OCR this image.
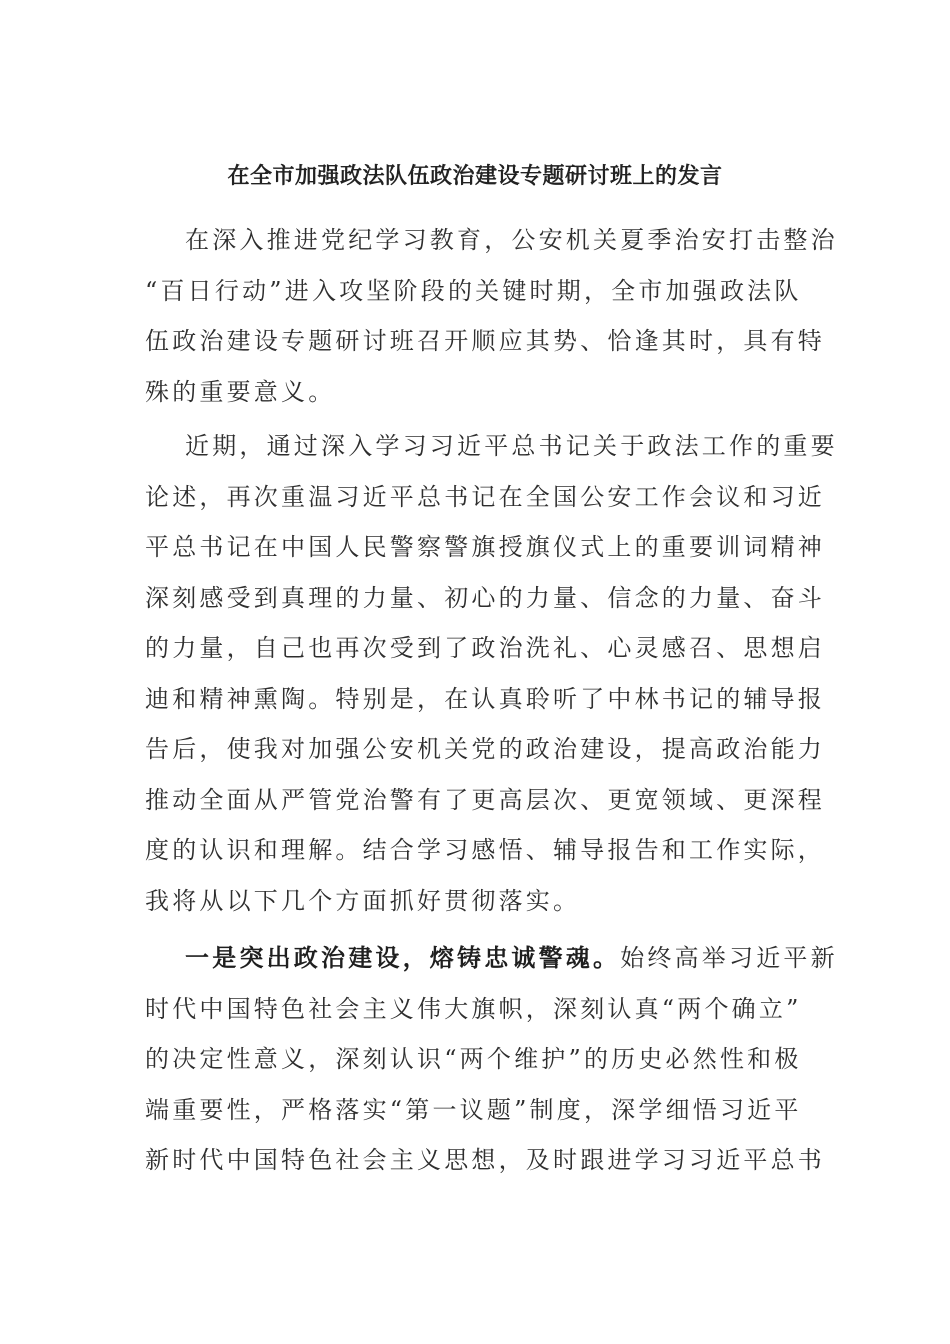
在全市加强政法队伍政治建设专题研讨班上的发言
在深入推进党纪学习教育，公安机关夏季治安打击整治
“百日行动”进入攻坚阶段的关键时期，全市加强政法队
伍政治建设专题研讨班召开顺应其势、恰逢其时，具有特
殊的重要意义。
近期，通过深入学习习近平总书记关于政法工作的重要
论述，再次重温习近平总书记在全国公安工作会议和习近
平总书记在中国人民警察警旗授旗仪式上的重要训词精神
深刻感受到真理的力量、初心的力量、信念的力量、奋斗
的力量，自己也再次受到了政治洗礼、心灵感召、思想启
迪和精神熏陶。特别是，在认真聆听了中林书记的辅导报
告后，使我对加强公安机关党的政治建设，提高政治能力
推动全面从严管党治警有了更高层次、更宽领域、更深程
度的认识和理解。结合学习感悟、辅导报告和工作实际，
我将从以下几个方面抓好贯彻落实。
一是突出政治建设，熔铸忠诚警魂。始终高举习近平新
时代中国特色社会主义伟大旗帜，深刻认真“两个确立”
的决定性意义，深刻认识“两个维护”的历史必然性和极
端重要性，严格落实“第一议题”制度，深学细悟习近平
新时代中国特色社会主义思想，及时跟进学习习近平总书
